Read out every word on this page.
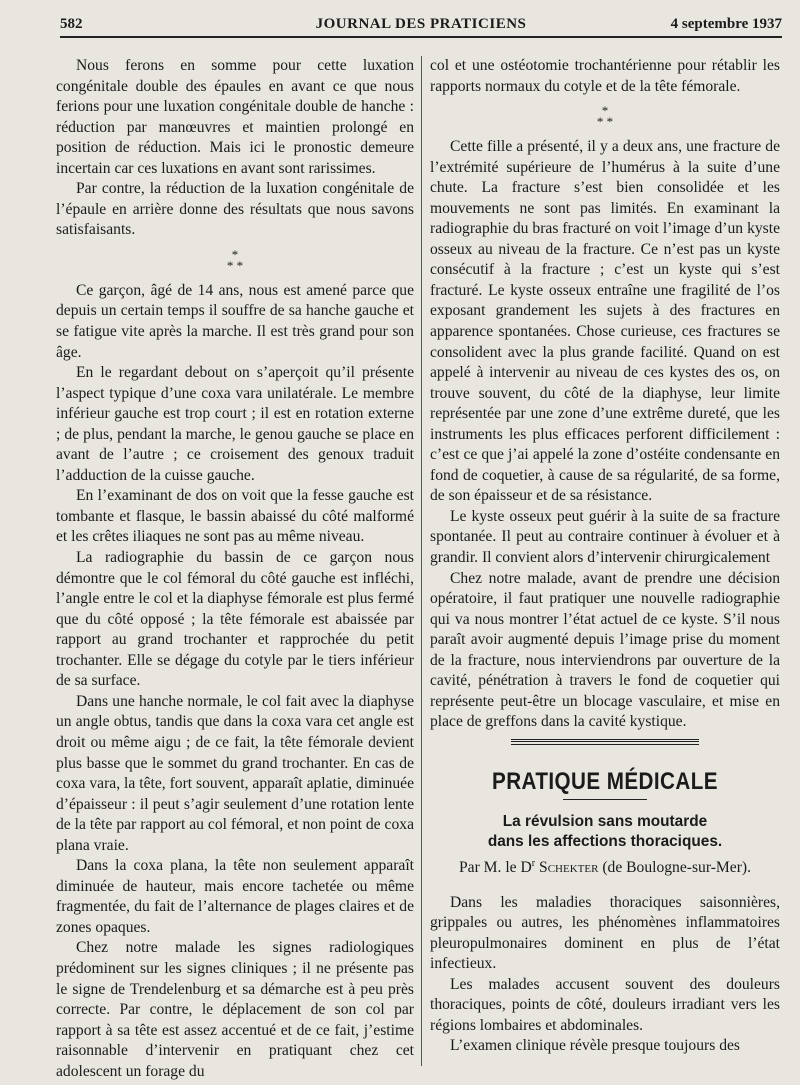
582	JOURNAL DES PRATICIENS	4 septembre 1937

Nous ferons en somme pour cette luxation congénitale double des épaules en avant ce que nous ferions pour une luxation congénitale double de hanche : réduction par manœuvres et maintien prolongé en position de réduction. Mais ici le pronostic demeure incertain car ces luxations en avant sont rarissimes.

Par contre, la réduction de la luxation congénitale de l’épaule en arrière donne des résultats que nous savons satisfaisants.

*
* *

Ce garçon, âgé de 14 ans, nous est amené parce que depuis un certain temps il souffre de sa hanche gauche et se fatigue vite après la marche. Il est très grand pour son âge.

En le regardant debout on s’aperçoit qu’il présente l’aspect typique d’une coxa vara unilatérale. Le membre inférieur gauche est trop court ; il est en rotation externe ; de plus, pendant la marche, le genou gauche se place en avant de l’autre ; ce croisement des genoux traduit l’adduction de la cuisse gauche.

En l’examinant de dos on voit que la fesse gauche est tombante et flasque, le bassin abaissé du côté malformé et les crêtes iliaques ne sont pas au même niveau.

La radiographie du bassin de ce garçon nous démontre que le col fémoral du côté gauche est infléchi, l’angle entre le col et la diaphyse fémorale est plus fermé que du côté opposé ; la tête fémorale est abaissée par rapport au grand trochanter et rapprochée du petit trochanter. Elle se dégage du cotyle par le tiers inférieur de sa surface.

Dans une hanche normale, le col fait avec la diaphyse un angle obtus, tandis que dans la coxa vara cet angle est droit ou même aigu ; de ce fait, la tête fémorale devient plus basse que le sommet du grand trochanter. En cas de coxa vara, la tête, fort souvent, apparaît aplatie, diminuée d’épaisseur : il peut s’agir seulement d’une rotation lente de la tête par rapport au col fémoral, et non point de coxa plana vraie.

Dans la coxa plana, la tête non seulement apparaît diminuée de hauteur, mais encore tachetée ou même fragmentée, du fait de l’alternance de plages claires et de zones opaques.

Chez notre malade les signes radiologiques prédominent sur les signes cliniques ; il ne présente pas le signe de Trendelenburg et sa démarche est à peu près correcte. Par contre, le déplacement de son col par rapport à sa tête est assez accentué et de ce fait, j’estime raisonnable d’intervenir en pratiquant chez cet adolescent un forage du

col et une ostéotomie trochantérienne pour rétablir les rapports normaux du cotyle et de la tête fémorale.

*
* *

Cette fille a présenté, il y a deux ans, une fracture de l’extrémité supérieure de l’humérus à la suite d’une chute. La fracture s’est bien consolidée et les mouvements ne sont pas limités. En examinant la radiographie du bras fracturé on voit l’image d’un kyste osseux au niveau de la fracture. Ce n’est pas un kyste consécutif à la fracture ; c’est un kyste qui s’est fracturé. Le kyste osseux entraîne une fragilité de l’os exposant grandement les sujets à des fractures en apparence spontanées. Chose curieuse, ces fractures se consolident avec la plus grande facilité. Quand on est appelé à intervenir au niveau de ces kystes des os, on trouve souvent, du côté de la diaphyse, leur limite représentée par une zone d’une extrême dureté, que les instruments les plus efficaces perforent difficilement : c’est ce que j’ai appelé la zone d’ostéite condensante en fond de coquetier, à cause de sa régularité, de sa forme, de son épaisseur et de sa résistance.

Le kyste osseux peut guérir à la suite de sa fracture spontanée. Il peut au contraire continuer à évoluer et à grandir. Il convient alors d’intervenir chirurgicalement

Chez notre malade, avant de prendre une décision opératoire, il faut pratiquer une nouvelle radiographie qui va nous montrer l’état actuel de ce kyste. S’il nous paraît avoir augmenté depuis l’image prise du moment de la fracture, nous interviendrons par ouverture de la cavité, pénétration à travers le fond de coquetier qui représente peut-être un blocage vasculaire, et mise en place de greffons dans la cavité kystique.

PRATIQUE MÉDICALE
La révulsion sans moutarde
dans les affections thoraciques.
Par M. le $D^r$ Schekter (de Boulogne-sur-Mer).

Dans les maladies thoraciques saisonnières, grippales ou autres, les phénomènes inflammatoires pleuropulmonaires dominent en plus de l’état infectieux.

Les malades accusent souvent des douleurs thoraciques, points de côté, douleurs irradiant vers les régions lombaires et abdominales.

L’examen clinique révèle presque toujours des
